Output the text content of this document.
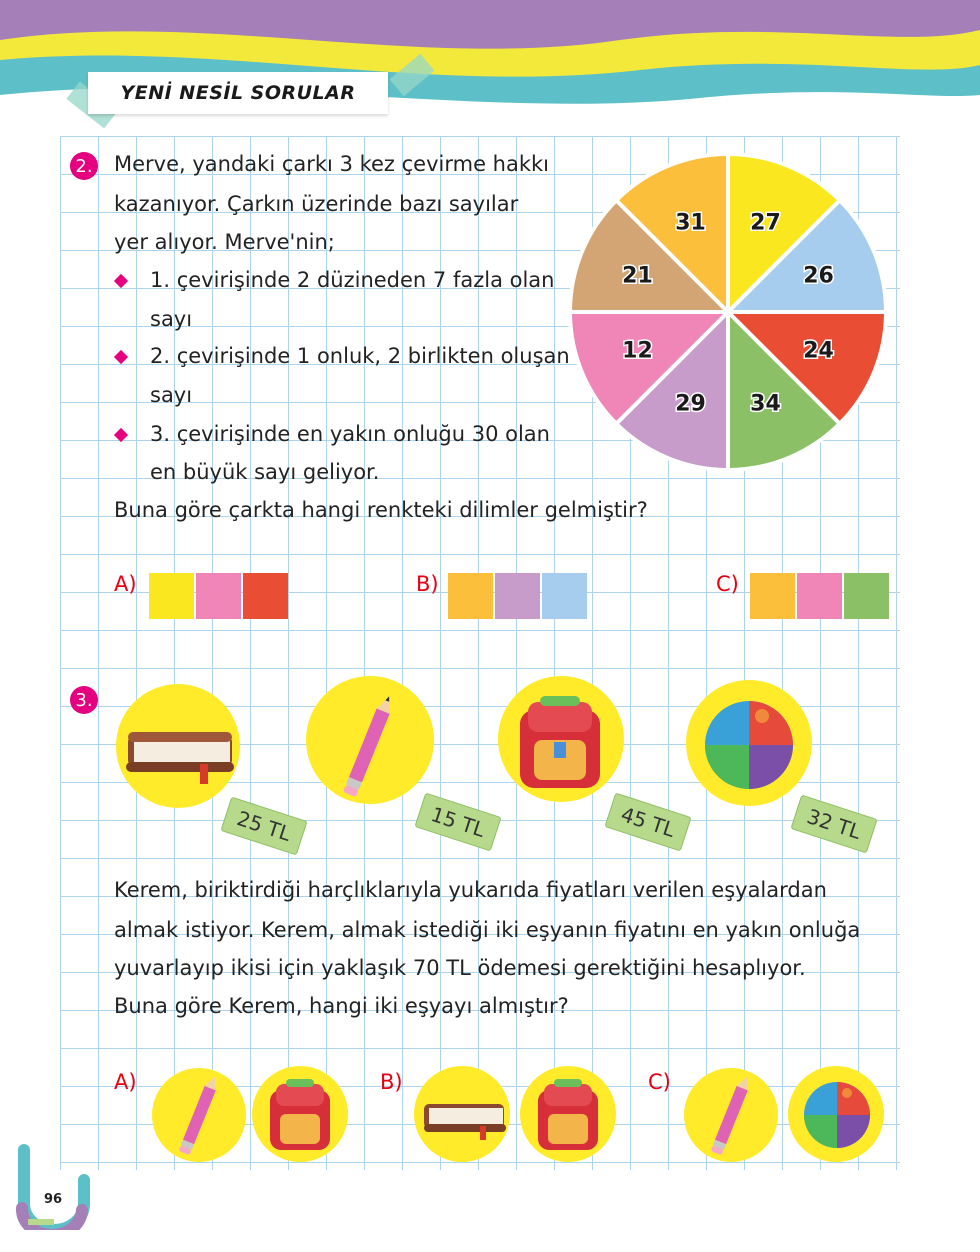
YENİ NESİL SORULAR
2. Merve, yandaki çarkı 3 kez çevirme hakkı
kazanıyor. Çarkın üzerinde bazı sayılar
yer alıyor. Merve'nin;
1. çevirişinde 2 düzineden 7 fazla olan
sayı
2. çevirişinde 1 onluk, 2 birlikten oluşan
sayı
3. çevirişinde en yakın onluğu 30 olan
en büyük sayı geliyor.
Buna göre çarkta hangi renkteki dilimler gelmiştir?
27
26
24
34
29
12
21
31
A)	B)	C)
3.
25 TL	15 TL	45 TL	32 TL
Kerem, biriktirdiği harçlıklarıyla yukarıda fiyatları verilen eşyalardan
almak istiyor. Kerem, almak istediği iki eşyanın fiyatını en yakın onluğa
yuvarlayıp ikisi için yaklaşık 70 TL ödemesi gerektiğini hesaplıyor.
Buna göre Kerem, hangi iki eşyayı almıştır?
A)	B)	C)
96
